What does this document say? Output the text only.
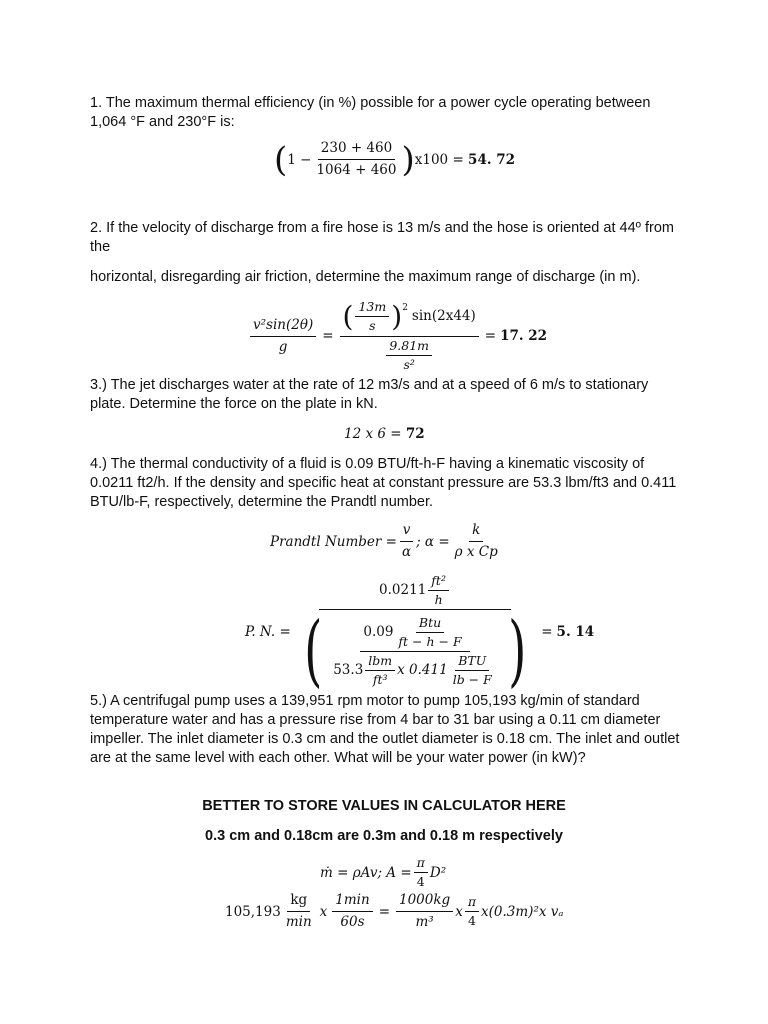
1. The maximum thermal efficiency (in %) possible for a power cycle operating between 1,064 °F and 230°F is:

( $1 - \frac{230 + 460}{1064 + 460}$ ) x100 =
54. 72

2. If the velocity of discharge from a fire hose is 13 m/s and the hose is oriented at 44º from the

horizontal, disregarding air friction, determine the maximum range of discharge (in m).

$\frac{\text{v²sin(2θ)}}{g}$ =
( $\frac{13m}{s}$ ) 2 sin(2x44)
$\frac{9.81m}{\text{s²}}$
= 17. 22

3.) The jet discharges water at the rate of 12 m3/s and at a speed of 6 m/s to stationary plate. Determine the force on the plate in kN.

12 x 6 =
72

4.) The thermal conductivity of a fluid is 0.09 BTU/ft-h-F having a kinematic viscosity of 0.0211 ft2/h. If the density and specific heat at constant pressure are 53.3 lbm/ft3 and 0.411 BTU/lb-F, respectively, determine the Prandtl number.

Prandtl Number = $\frac{v}{\alpha}$ ; $\alpha = \frac{k}{\text{ρ x Cp}}$
P. N. =
$0.0211 \frac{\text{ft²}}{h}$
(	$0.09 \frac{\text{Btu}}{ft - h - F}$
$53.3 \frac{\text{lbm}}{\text{ft³}}$ x $0.411 \frac{\text{BTU}}{lb - F}$ ) = 5. 14

5.) A centrifugal pump uses a 139,951 rpm motor to pump 105,193 kg/min of standard temperature water and has a pressure rise from 4 bar to 31 bar using a 0.11 cm diameter impeller. The inlet diameter is 0.3 cm and the outlet diameter is 0.18 cm. The inlet and outlet are at the same level with each other. What will be your water power (in kW)?

BETTER TO STORE VALUES IN CALCULATOR HERE
0.3 cm and 0.18cm are 0.3m and 0.18 m respectively
ṁ = ρAv; $A = \frac{\pi}{4} D^2$
$105,193 \frac{kg}{\min}$ x $\frac{1\min}{60s} = \frac{1000kg}{\text{m³}}$ x $\frac{\pi}{4} x(0.3m)^2x$ vₐ
